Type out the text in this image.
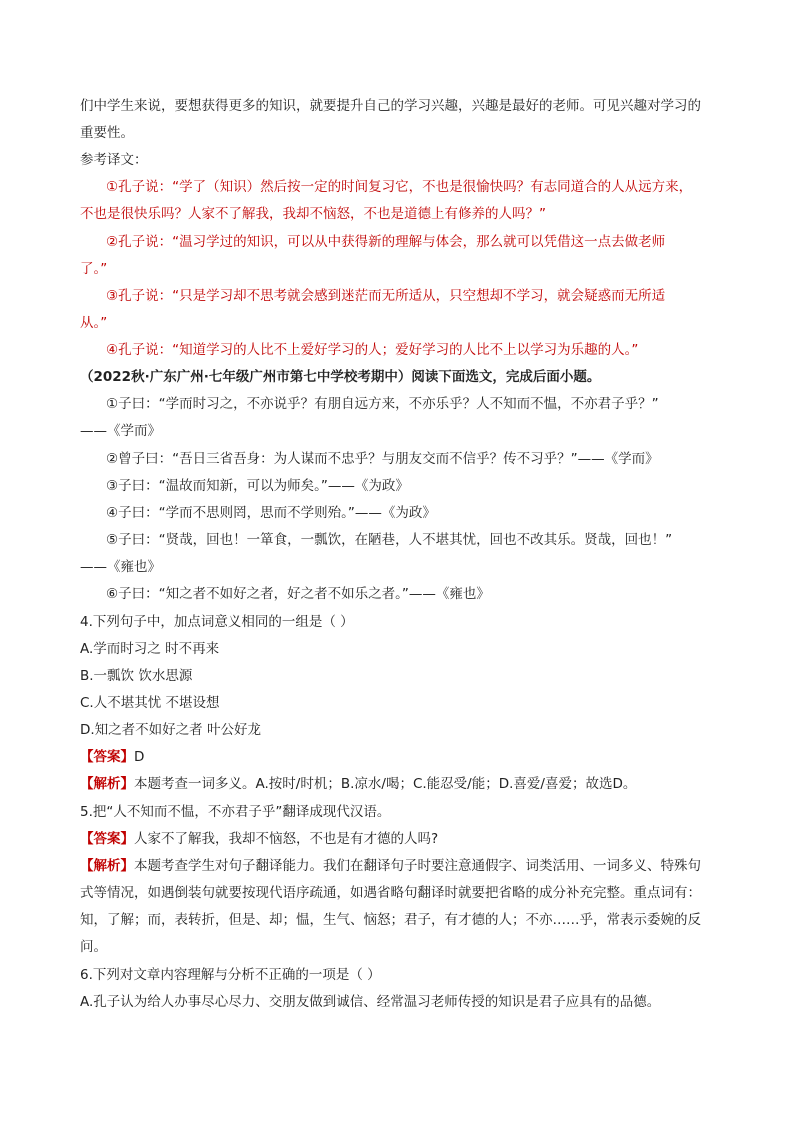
们中学生来说，要想获得更多的知识，就要提升自己的学习兴趣，兴趣是最好的老师。可见兴趣对学习的
重要性。
参考译文：
①孔子说：“学了（知识）然后按一定的时间复习它，不也是很愉快吗？有志同道合的人从远方来，
不也是很快乐吗？人家不了解我，我却不恼怒，不也是道德上有修养的人吗？”
②孔子说：“温习学过的知识，可以从中获得新的理解与体会，那么就可以凭借这一点去做老师
了。”
③孔子说：“只是学习却不思考就会感到迷茫而无所适从，只空想却不学习，就会疑惑而无所适
从。”
④孔子说：“知道学习的人比不上爱好学习的人；爱好学习的人比不上以学习为乐趣的人。”
（2022秋·广东广州·七年级广州市第七中学校考期中）阅读下面选文，完成后面小题。
①子曰：“学而时习之，不亦说乎？有朋自远方来，不亦乐乎？人不知而不愠，不亦君子乎？”
——《学而》
②曾子曰：“吾日三省吾身：为人谋而不忠乎？与朋友交而不信乎？传不习乎？”——《学而》
③子曰：“温故而知新，可以为师矣。”——《为政》
④子曰：“学而不思则罔，思而不学则殆。”——《为政》
⑤子曰：“贤哉，回也！一箪食，一瓢饮，在陋巷，人不堪其忧，回也不改其乐。贤哉，回也！”
——《雍也》
⑥子曰：“知之者不如好之者，好之者不如乐之者。”——《雍也》
4.下列句子中，加点词意义相同的一组是（ ）
A.学而时习之 时不再来
B.一瓢饮 饮水思源
C.人不堪其忧 不堪设想
D.知之者不如好之者 叶公好龙
【答案】D
【解析】本题考查一词多义。A.按时/时机；B.凉水/喝；C.能忍受/能；D.喜爱/喜爱；故选D。
5.把“人不知而不愠，不亦君子乎”翻译成现代汉语。
【答案】人家不了解我，我却不恼怒，不也是有才德的人吗?
【解析】本题考查学生对句子翻译能力。我们在翻译句子时要注意通假字、词类活用、一词多义、特殊句
式等情况，如遇倒装句就要按现代语序疏通，如遇省略句翻译时就要把省略的成分补充完整。重点词有：
知，了解；而，表转折，但是、却；愠，生气、恼怒；君子，有才德的人；不亦……乎，常表示委婉的反
问。
6.下列对文章内容理解与分析不正确的一项是（ ）
A.孔子认为给人办事尽心尽力、交朋友做到诚信、经常温习老师传授的知识是君子应具有的品德。
